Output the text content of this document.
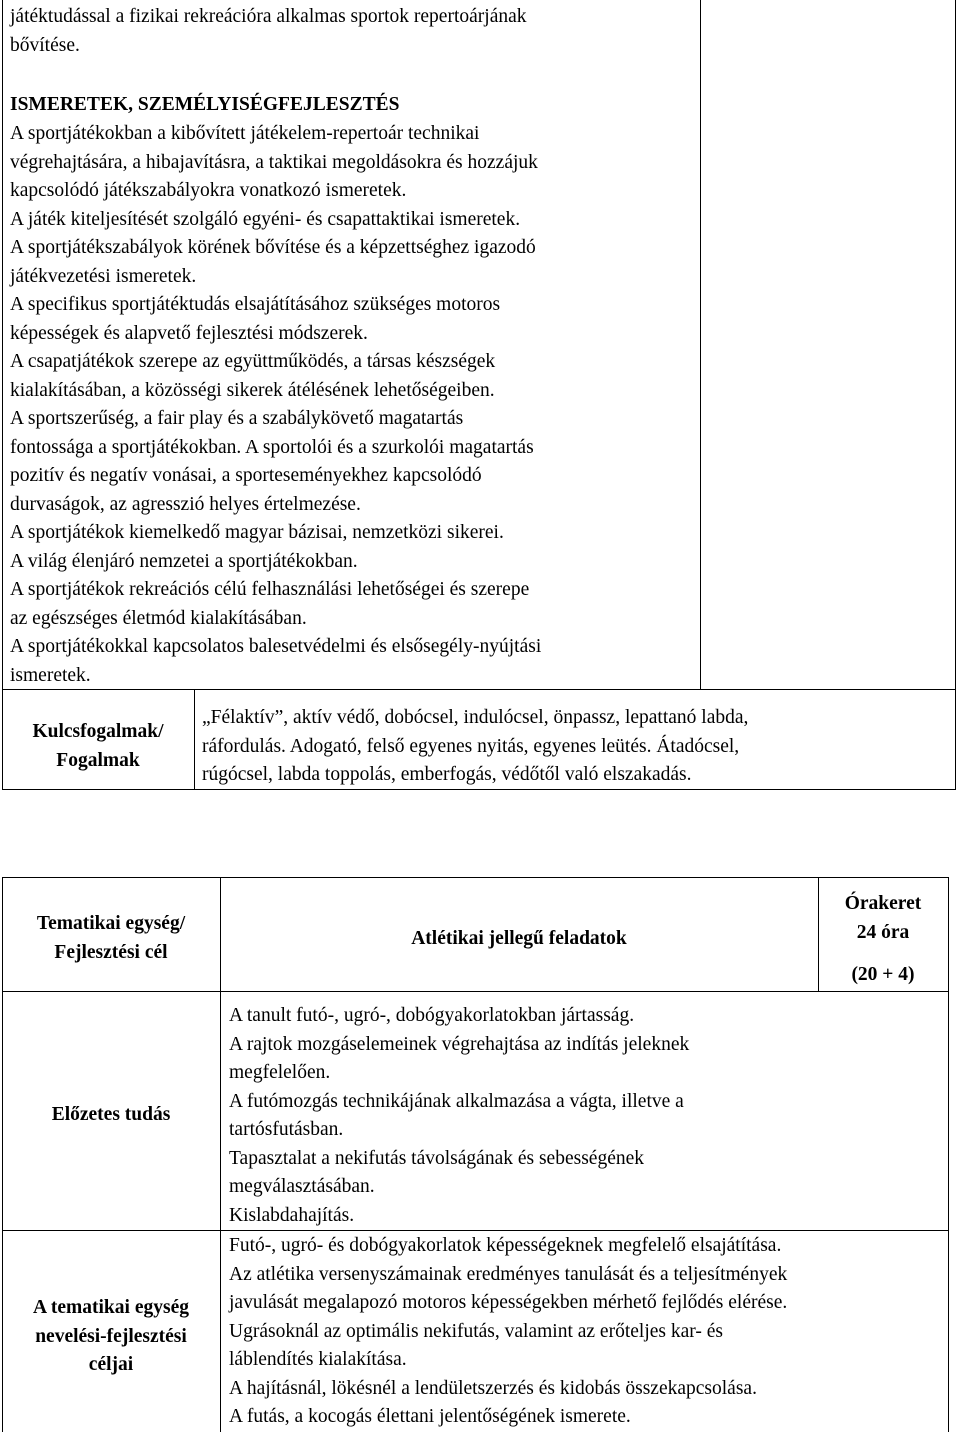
játéktudással a fizikai rekreációra alkalmas sportok repertoárjának
bővítése.
ISMERETEK, SZEMÉLYISÉGFEJLESZTÉS
A sportjátékokban a kibővített játékelem-repertoár technikai
végrehajtására, a hibajavításra, a taktikai megoldásokra és hozzájuk
kapcsolódó játékszabályokra vonatkozó ismeretek.
A játék kiteljesítését szolgáló egyéni- és csapattaktikai ismeretek.
A sportjátékszabályok körének bővítése és a képzettséghez igazodó
játékvezetési ismeretek.
A specifikus sportjátéktudás elsajátításához szükséges motoros
képességek és alapvető fejlesztési módszerek.
A csapatjátékok szerepe az együttműködés, a társas készségek
kialakításában, a közösségi sikerek átélésének lehetőségeiben.
A sportszerűség, a fair play és a szabálykövető magatartás
fontossága a sportjátékokban. A sportolói és a szurkolói magatartás
pozitív és negatív vonásai, a sporteseményekhez kapcsolódó
durvaságok, az agresszió helyes értelmezése.
A sportjátékok kiemelkedő magyar bázisai, nemzetközi sikerei.
A világ élenjáró nemzetei a sportjátékokban.
A sportjátékok rekreációs célú felhasználási lehetőségei és szerepe
az egészséges életmód kialakításában.
A sportjátékokkal kapcsolatos balesetvédelmi és elsősegély-nyújtási
ismeretek.
Kulcsfogalmak/
Fogalmak
„Félaktív”, aktív védő, dobócsel, indulócsel, önpassz, lepattanó labda,
ráfordulás. Adogató, felső egyenes nyitás, egyenes leütés. Átadócsel,
rúgócsel, labda toppolás, emberfogás, védőtől való elszakadás.
Tematikai egység/
Fejlesztési cél
Atlétikai jellegű feladatok
Órakeret
24 óra
(20 + 4)
Előzetes tudás
A tanult futó-, ugró-, dobógyakorlatokban jártasság.
A rajtok mozgáselemeinek végrehajtása az indítás jeleknek
megfelelően.
A futómozgás technikájának alkalmazása a vágta, illetve a
tartósfutásban.
Tapasztalat a nekifutás távolságának és sebességének
megválasztásában.
Kislabdahajítás.
A tematikai egység
nevelési-fejlesztési
céljai
Futó-, ugró- és dobógyakorlatok képességeknek megfelelő elsajátítása.
Az atlétika versenyszámainak eredményes tanulását és a teljesítmények
javulását megalapozó motoros képességekben mérhető fejlődés elérése.
Ugrásoknál az optimális nekifutás, valamint az erőteljes kar- és
láblendítés kialakítása.
A hajításnál, lökésnél a lendületszerzés és kidobás összekapcsolása.
A futás, a kocogás élettani jelentőségének ismerete.
